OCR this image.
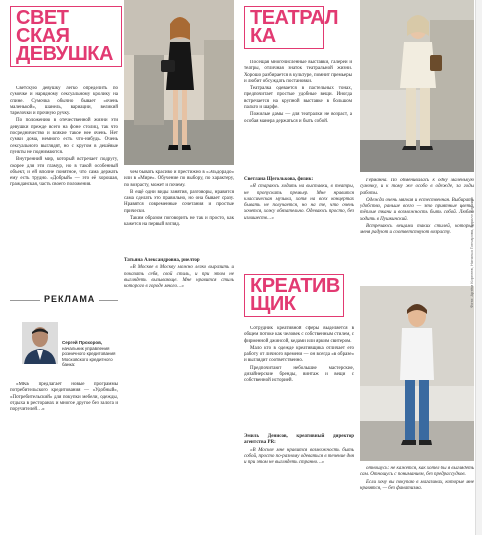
СВЕТ
СКАЯ
ДЕВУШКА

Светскую девушку легко определить по сумочке и нарядному сексуальному кролику на спине. Сумочка обычно бывает «очень маленькой», шанель, вариации, великий тарелочки и прочную ручку.

По положению в отечественной жизни эти девушки прежде всего на фоне столиц, так что посредничество и всякие такое нее очень. Нет сумки дома, немного есть что-нибудь. Очень сексуального выглядят, но с кругом в дешёвые пункты не поднимаются.

Внутренний мир, который встречает подругу, скорее для эти гламур, но в такой особенный объект, и ей вполне понятное, что сама держать ему есть трудно. «Добрый» — это её хорошая, гражданская, часть своего положения.

РЕКЛАМА
Сергей Прохоров,
начальник управления розничного кредитования Московского кредитного банка:

«МКБ предлагает новые программы потребительского кредитования — «Удобный», «Потребительский» для покупки мебели, одежды, отдыха в ресторанах и многое другое без залога и поручителей…»

чем бывать красиво и престижно в «Эльдорадо» или в «Мире». Обучение по выбору, по характеру, по возрасту, может и почему.

В ещё одни виды занятия, разговоры, нравится сама сделать это правильно, но она бывает сразу. Нравятся современные сочетания и простые прически.

Таким образом поговорить не так и просто, как кажется на первый взгляд.

Татьяна Александровна, риелтор

«В Москве в Москву можно легко выразить и показать себя, свой стиль, и при этом не выглядеть вызывающе. Мне нравится стиль которого в городе много…»

ТЕАТРАЛ
КА

Посещая многочисленные выставки, галереи и театры, отличная знаток театральной жизни. Хорошо разбирается в культуре, помнит премьеры и любит обсуждать постановки.

Театралка одевается в пастельных тонах, предпочитает простые удобные вещи. Иногда встречается на крупной выставке в большом пальто и шарфе.

Пожилые дамы — для театралки не возраст, а особая манера держаться и быть собой.

Светлана Щеголькова, физик:

«Я стараюсь ходить на выставки, в театры, не пропускать премьер. Мне нравится классическая музыка, хотя на всех концертах бывать не получается, но на те, что очень хочется, хожу обязательно. Одеваюсь просто, без излишеств…»

Германна. По обменивалась к одну маленькую сумочку, и к тому же особо в одежде, за годы работы.

Одежда очень мягкая и естественная. Выбирать удобство, раньше всего — это приятные цвета, тёплые ткани и возможность быть собой. Люблю ходить в Пушкинский.

Встречаюсь вещами таких стилей, которые меня радуют и соответствуют возрасту.

КРЕАТИВ
ЩИК

Сотрудник креативной сферы выделяется в общем потоке как человек с собственным стилем, с фирменной джинсой, кедами или ярким свитером.

Мало кто в одежде креативщика отличает его работу от личного времени — он всегда «в образе» и выглядит соответственно.

Предпочитают небольшие мастерские, дизайнерские бренды, винтаж и вещи с собственной историей.

Эмиль Денисов, креативный директор агентства PR:

«В Москве мне нравится возможность быть собой, просто по-разному одеваться в течение дня и при этом не выглядеть странно…»

отношусь: не кажется, как хотел бы я выглядеть сам. Отношусь с пониманием, без предрассудков.

Если хочу вы покупаю в магазинах, которые мне нравятся, — без фанатизма.

Фото: Артём Корнеев, Наталья Гончарова, Кирилл Сорокин
